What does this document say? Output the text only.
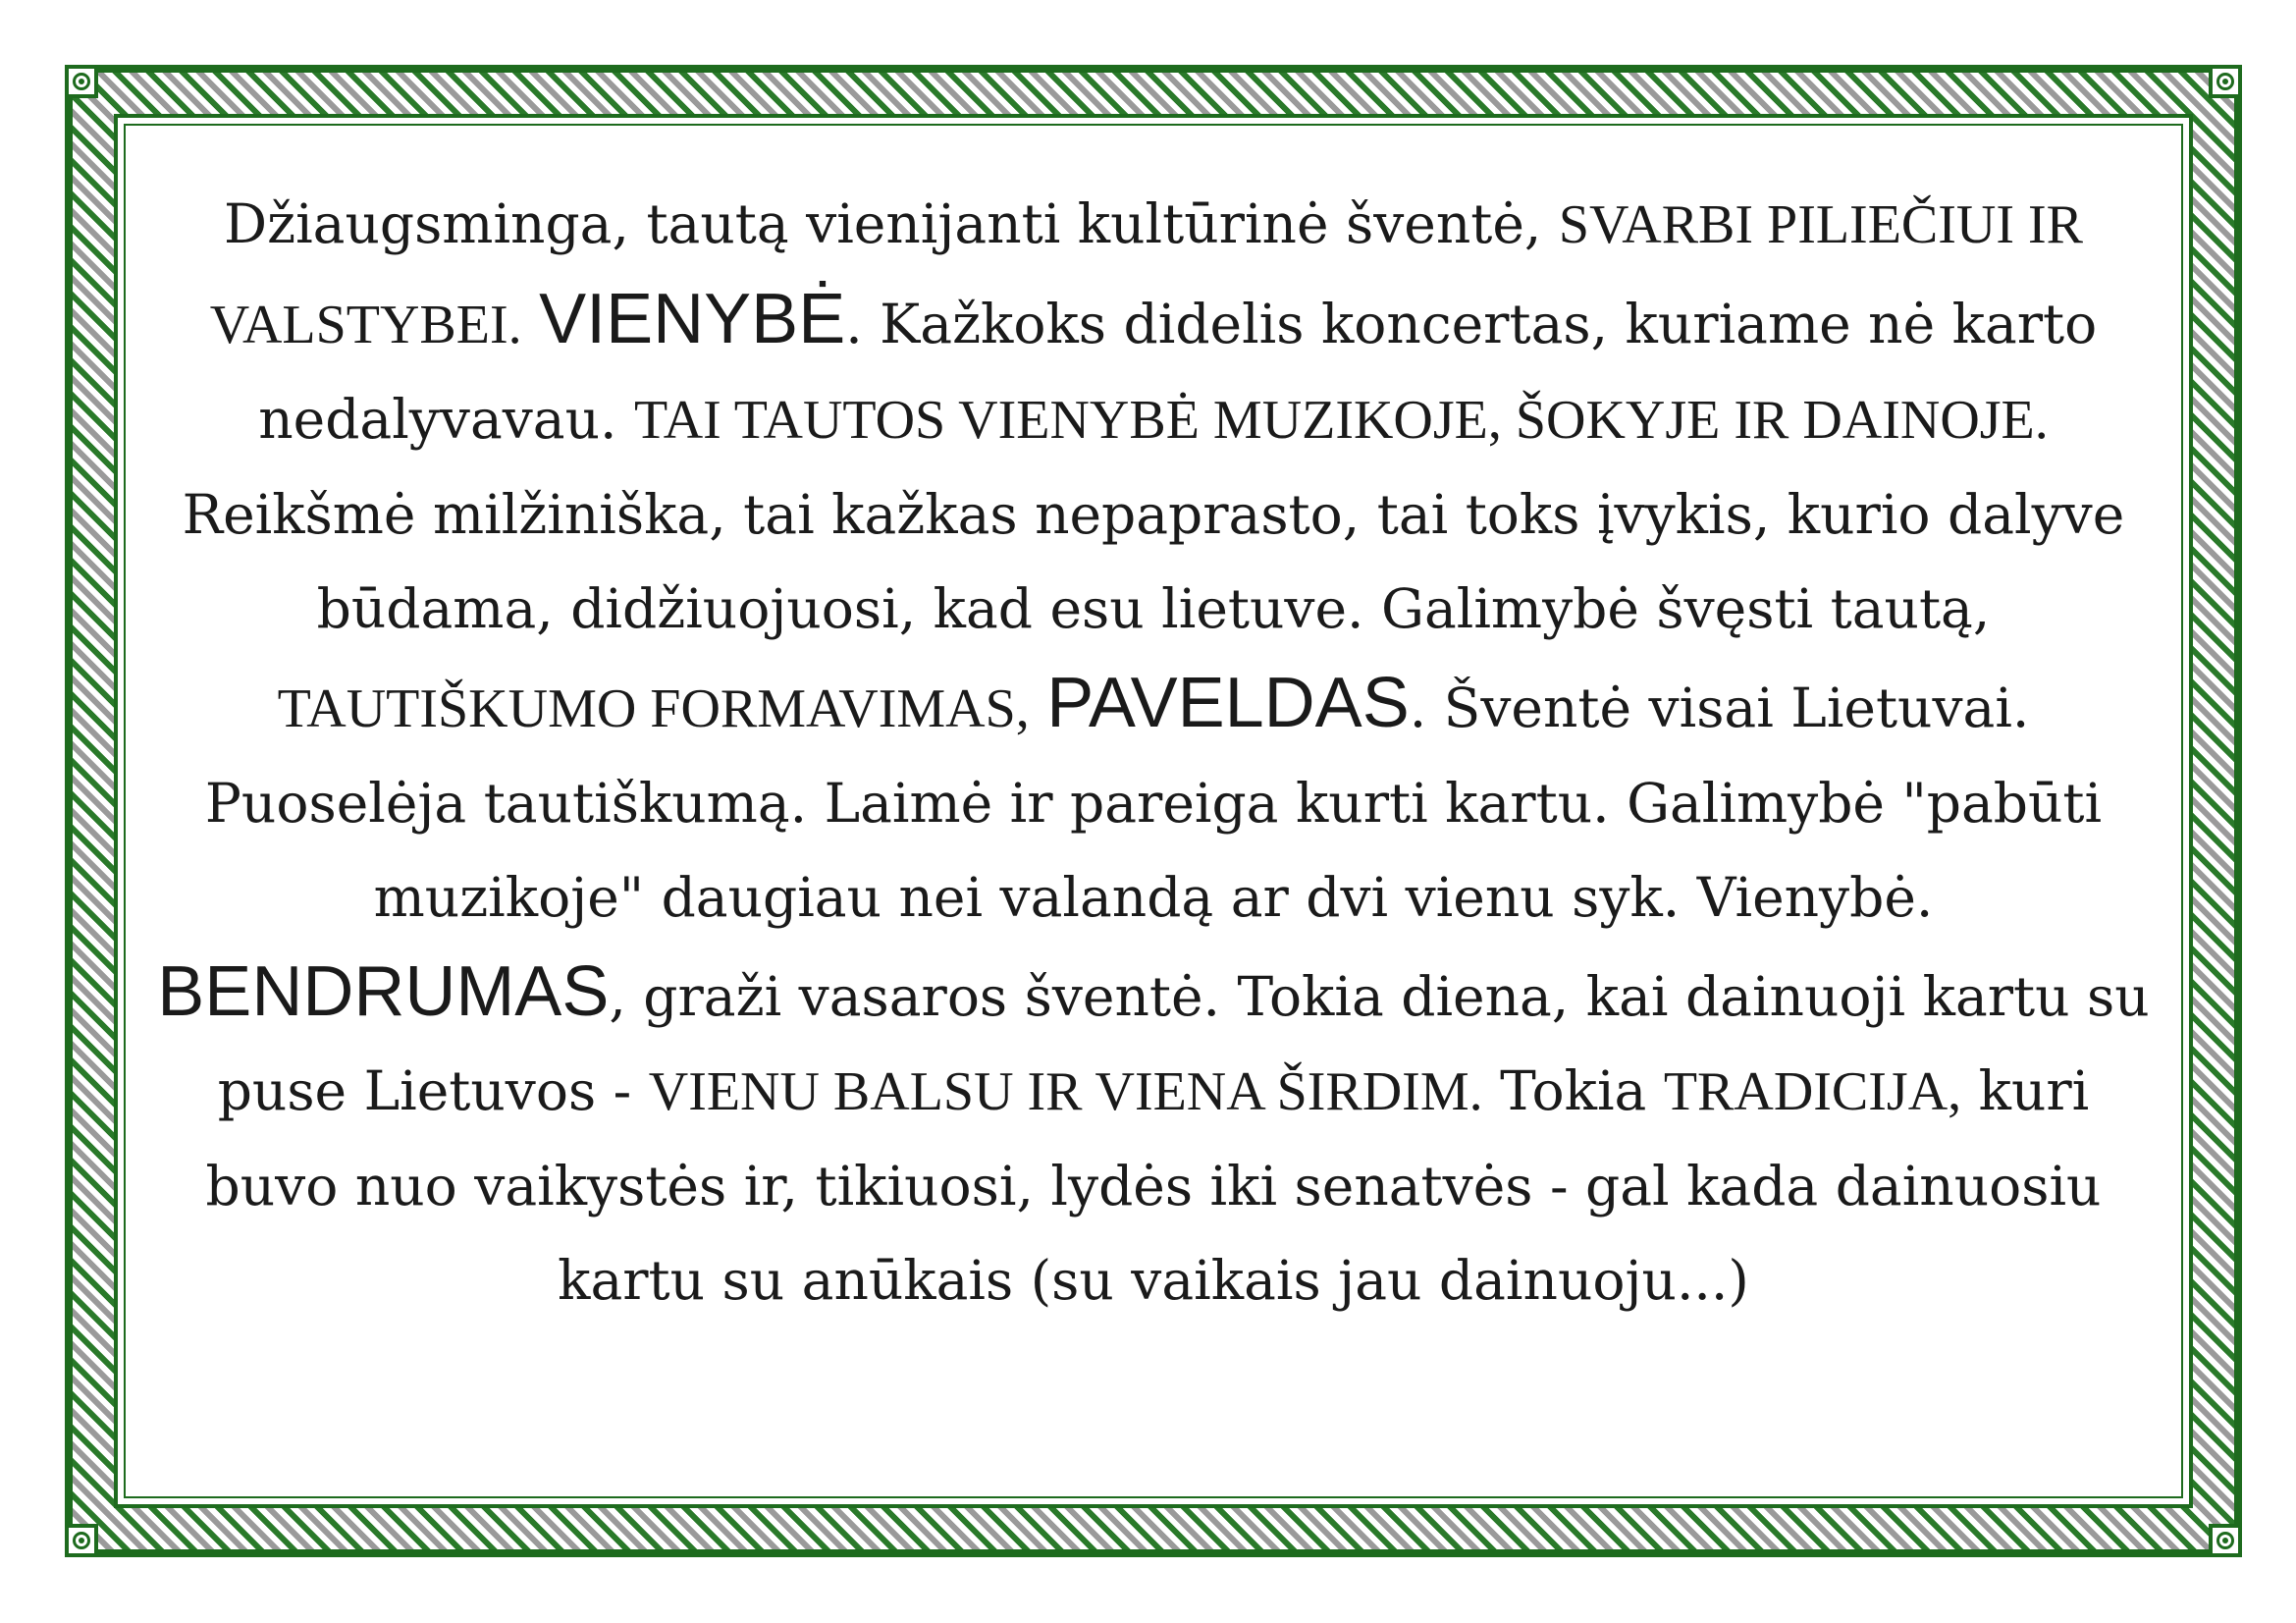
Džiaugsminga, tautą vienijanti kultūrinė šventė, SVARBI PILIEČIUI IR VALSTYBEI. VIENYBĖ. Kažkoks didelis koncertas, kuriame nė karto nedalyvavau. TAI TAUTOS VIENYBĖ MUZIKOJE, ŠOKYJE IR DAINOJE. Reikšmė milžiniška, tai kažkas nepaprasto, tai toks įvykis, kurio dalyve būdama, didžiuojuosi, kad esu lietuve. Galimybė švęsti tautą, TAUTIŠKUMO FORMAVIMAS, PAVELDAS. Šventė visai Lietuvai. Puoselėja tautiškumą. Laimė ir pareiga kurti kartu. Galimybė "pabūti muzikoje" daugiau nei valandą ar dvi vienu syk. Vienybė. BENDRUMAS, graži vasaros šventė. Tokia diena, kai dainuoji kartu su puse Lietuvos - VIENU BALSU IR VIENA ŠIRDIM. Tokia TRADICIJA, kuri buvo nuo vaikystės ir, tikiuosi, lydės iki senatvės - gal kada dainuosiu kartu su anūkais (su vaikais jau dainuoju...)
